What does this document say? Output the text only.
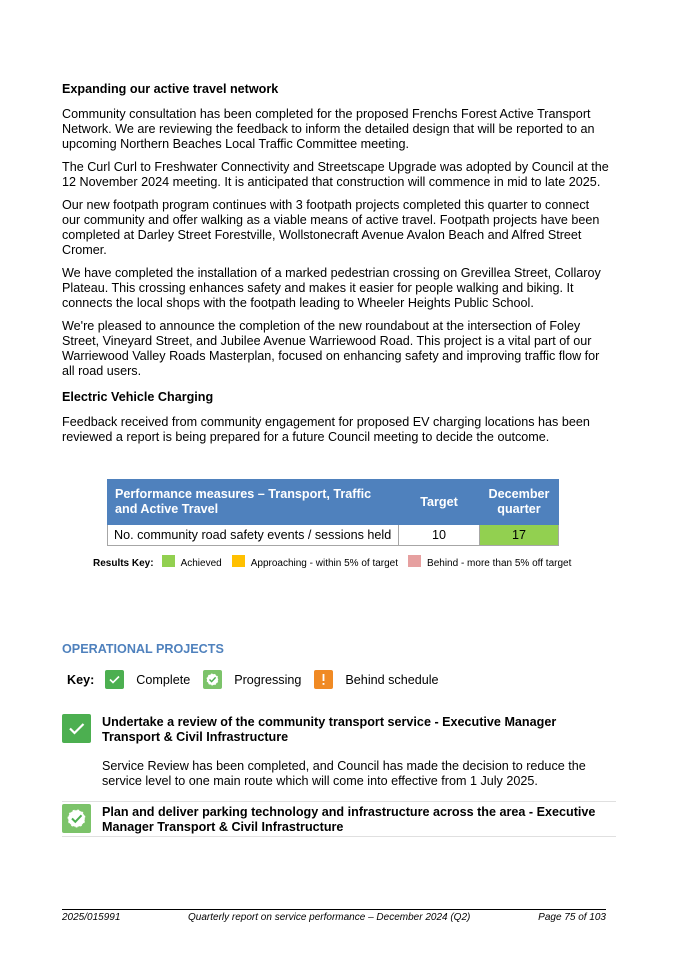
Expanding our active travel network

Community consultation has been completed for the proposed Frenchs Forest Active Transport Network. We are reviewing the feedback to inform the detailed design that will be reported to an upcoming Northern Beaches Local Traffic Committee meeting.

The Curl Curl to Freshwater Connectivity and Streetscape Upgrade was adopted by Council at the 12 November 2024 meeting. It is anticipated that construction will commence in mid to late 2025.

Our new footpath program continues with 3 footpath projects completed this quarter to connect our community and offer walking as a viable means of active travel. Footpath projects have been completed at Darley Street Forestville, Wollstonecraft Avenue Avalon Beach and Alfred Street Cromer.

We have completed the installation of a marked pedestrian crossing on Grevillea Street, Collaroy Plateau. This crossing enhances safety and makes it easier for people walking and biking. It connects the local shops with the footpath leading to Wheeler Heights Public School.

We're pleased to announce the completion of the new roundabout at the intersection of Foley Street, Vineyard Street, and Jubilee Avenue Warriewood Road. This project is a vital part of our Warriewood Valley Roads Masterplan, focused on enhancing safety and improving traffic flow for all road users.

Electric Vehicle Charging

Feedback received from community engagement for proposed EV charging locations has been reviewed a report is being prepared for a future Council meeting to decide the outcome.

Performance measures – Transport, Traffic and Active Travel	Target	December quarter
No. community road safety events / sessions held	10	17
Results Key:	Achieved	Approaching - within 5% of target	Behind - more than 5% off target
OPERATIONAL PROJECTS
Key:	Complete	Progressing	Behind schedule
Undertake a review of the community transport service - Executive Manager Transport & Civil Infrastructure

Service Review has been completed, and Council has made the decision to reduce the service level to one main route which will come into effective from 1 July 2025.

Plan and deliver parking technology and infrastructure across the area - Executive Manager Transport & Civil Infrastructure
2025/015991	Quarterly report on service performance – December 2024 (Q2)	Page 75 of 103
